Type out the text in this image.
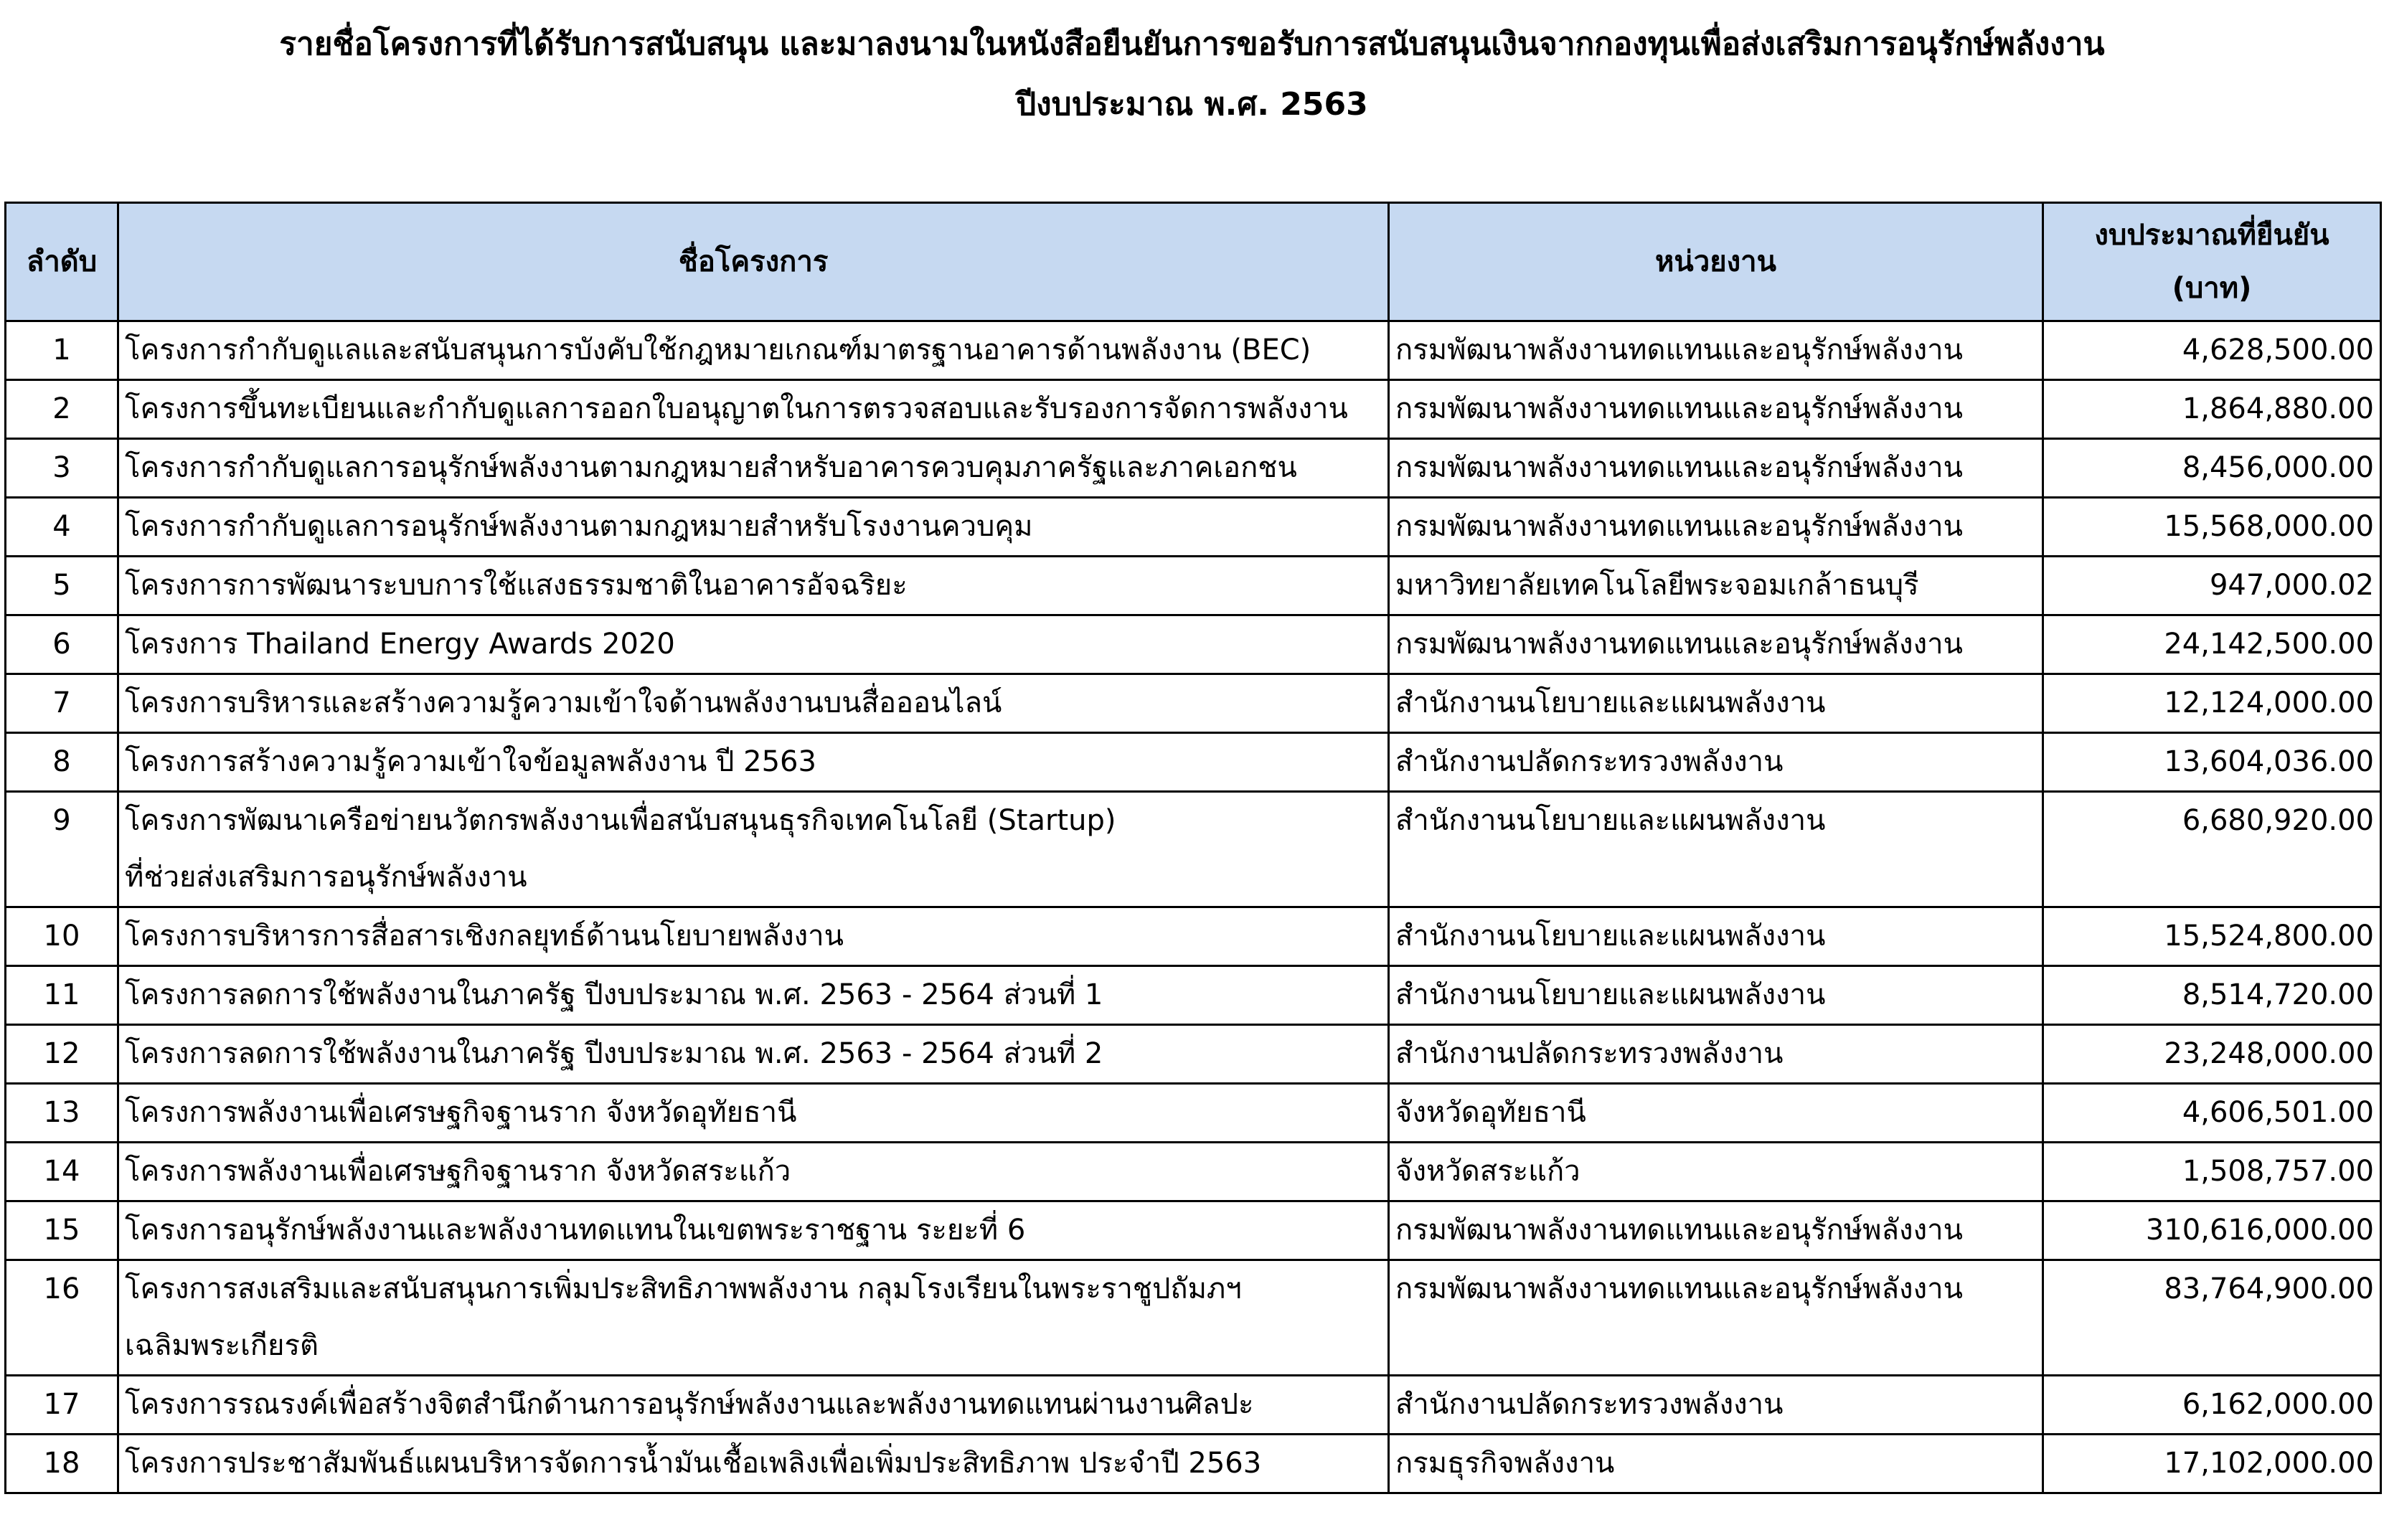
รายชื่อโครงการที่ได้รับการสนับสนุน และมาลงนามในหนังสือยืนยันการขอรับการสนับสนุนเงินจากกองทุนเพื่อส่งเสริมการอนุรักษ์พลังงาน
ปีงบประมาณ พ.ศ. 2563
ลำดับ	ชื่อโครงการ	หน่วยงาน	งบประมาณที่ยืนยัน
(บาท)

1	โครงการกำกับดูแลและสนับสนุนการบังคับใช้กฎหมายเกณฑ์มาตรฐานอาคารด้านพลังงาน (BEC)	กรมพัฒนาพลังงานทดแทนและอนุรักษ์พลังงาน	4,628,500.00
2	โครงการขึ้นทะเบียนและกำกับดูแลการออกใบอนุญาตในการตรวจสอบและรับรองการจัดการพลังงาน	กรมพัฒนาพลังงานทดแทนและอนุรักษ์พลังงาน	1,864,880.00
3	โครงการกำกับดูแลการอนุรักษ์พลังงานตามกฎหมายสำหรับอาคารควบคุมภาครัฐและภาคเอกชน	กรมพัฒนาพลังงานทดแทนและอนุรักษ์พลังงาน	8,456,000.00
4	โครงการกำกับดูแลการอนุรักษ์พลังงานตามกฎหมายสำหรับโรงงานควบคุม	กรมพัฒนาพลังงานทดแทนและอนุรักษ์พลังงาน	15,568,000.00
5	โครงการการพัฒนาระบบการใช้แสงธรรมชาติในอาคารอัจฉริยะ	มหาวิทยาลัยเทคโนโลยีพระจอมเกล้าธนบุรี	947,000.02
6	โครงการ Thailand Energy Awards 2020	กรมพัฒนาพลังงานทดแทนและอนุรักษ์พลังงาน	24,142,500.00
7	โครงการบริหารและสร้างความรู้ความเข้าใจด้านพลังงานบนสื่อออนไลน์	สำนักงานนโยบายและแผนพลังงาน	12,124,000.00
8	โครงการสร้างความรู้ความเข้าใจข้อมูลพลังงาน ปี 2563	สำนักงานปลัดกระทรวงพลังงาน	13,604,036.00
9	โครงการพัฒนาเครือข่ายนวัตกรพลังงานเพื่อสนับสนุนธุรกิจเทคโนโลยี (Startup)
ที่ช่วยส่งเสริมการอนุรักษ์พลังงาน	สำนักงานนโยบายและแผนพลังงาน	6,680,920.00
10	โครงการบริหารการสื่อสารเชิงกลยุทธ์ด้านนโยบายพลังงาน	สำนักงานนโยบายและแผนพลังงาน	15,524,800.00
11	โครงการลดการใช้พลังงานในภาครัฐ ปีงบประมาณ พ.ศ. 2563 - 2564 ส่วนที่ 1	สำนักงานนโยบายและแผนพลังงาน	8,514,720.00
12	โครงการลดการใช้พลังงานในภาครัฐ ปีงบประมาณ พ.ศ. 2563 - 2564 ส่วนที่ 2	สำนักงานปลัดกระทรวงพลังงาน	23,248,000.00
13	โครงการพลังงานเพื่อเศรษฐกิจฐานราก จังหวัดอุทัยธานี	จังหวัดอุทัยธานี	4,606,501.00
14	โครงการพลังงานเพื่อเศรษฐกิจฐานราก จังหวัดสระแก้ว	จังหวัดสระแก้ว	1,508,757.00
15	โครงการอนุรักษ์พลังงานและพลังงานทดแทนในเขตพระราชฐาน ระยะที่ 6	กรมพัฒนาพลังงานทดแทนและอนุรักษ์พลังงาน	310,616,000.00
16	โครงการสงเสริมและสนับสนุนการเพิ่มประสิทธิภาพพลังงาน กลุมโรงเรียนในพระราชูปถัมภฯ
เฉลิมพระเกียรติ	กรมพัฒนาพลังงานทดแทนและอนุรักษ์พลังงาน	83,764,900.00
17	โครงการรณรงค์เพื่อสร้างจิตสำนึกด้านการอนุรักษ์พลังงานและพลังงานทดแทนผ่านงานศิลปะ	สำนักงานปลัดกระทรวงพลังงาน	6,162,000.00
18	โครงการประชาสัมพันธ์แผนบริหารจัดการน้ำมันเชื้อเพลิงเพื่อเพิ่มประสิทธิภาพ ประจำปี 2563	กรมธุรกิจพลังงาน	17,102,000.00
